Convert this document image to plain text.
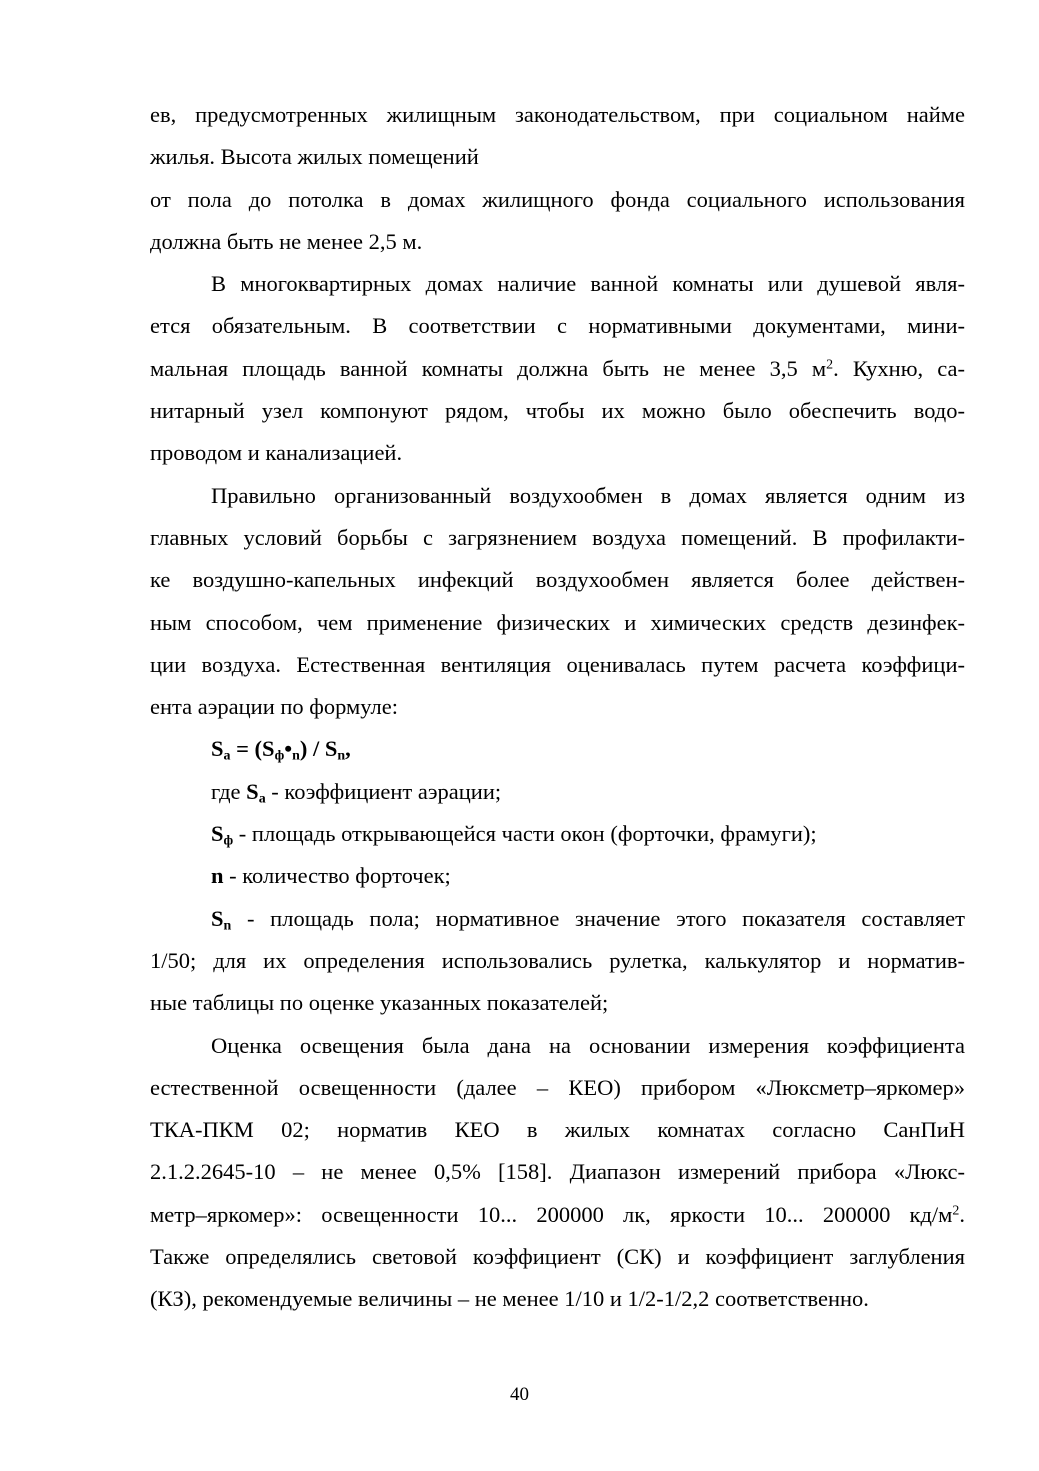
ев, предусмотренных жилищным законодательством, при социальном найме
жилья. Высота жилых помещений
от пола до потолка в домах жилищного фонда социального использования
должна быть не менее 2,5 м.

В многоквартирных домах наличие ванной комнаты или душевой явля-
ется обязательным. В соответствии с нормативными документами, мини-
мальная площадь ванной комнаты должна быть не менее 3,5 $м^2$. Кухню, са-
нитарный узел компонуют рядом, чтобы их можно было обеспечить водо-
проводом и канализацией.

Правильно организованный воздухообмен в домах является одним из
главных условий борьбы с загрязнением воздуха помещений. В профилакти-
ке воздушно-капельных инфекций воздухообмен является более действен-
ным способом, чем применение физических и химических средств дезинфек-
ции воздуха. Естественная вентиляция оценивалась путем расчета коэффици-
ента аэрации по формуле:

$S_a$ = $(S_ф•_n) / S_n$,

где $S_a$ - коэффициент аэрации;

$S_ф$ - площадь открывающейся части окон (форточки, фрамуги);

n - количество форточек;

$S_n$ - площадь пола; нормативное значение этого показателя составляет
1/50; для их определения использовались рулетка, калькулятор и норматив-
ные таблицы по оценке указанных показателей;

Оценка освещения была дана на основании измерения коэффициента
естественной освещенности (далее – КЕО) прибором «Люксметр–яркомер»
ТКА-ПКМ 02; норматив КЕО в жилых комнатах согласно СанПиН
2.1.2.2645-10 – не менее 0,5% [158]. Диапазон измерений прибора «Люкс-
метр–яркомер»: освещенности 10... 200000 лк, яркости 10... 200000 $кд/м^2$.
Также определялись световой коэффициент (СК) и коэффициент заглубления
(КЗ), рекомендуемые величины – не менее 1/10 и 1/2-1/2,2 соответственно.

40
